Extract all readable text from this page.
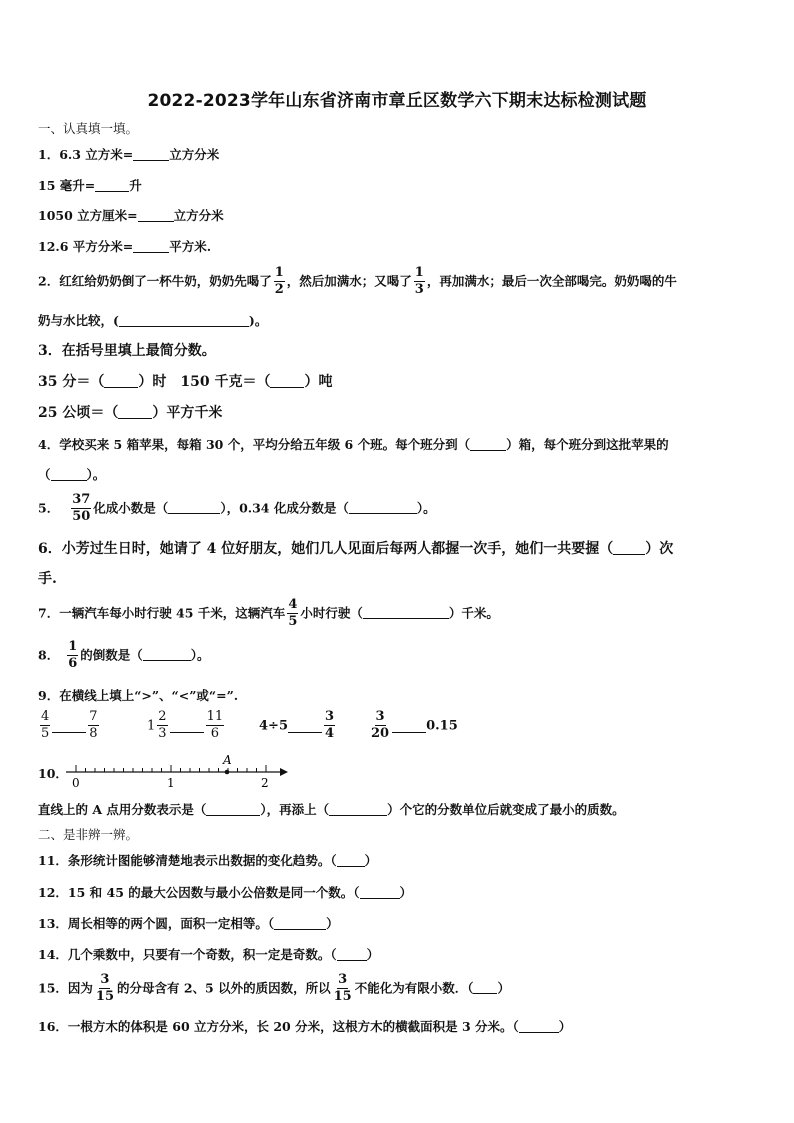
2022-2023学年山东省济南市章丘区数学六下期末达标检测试题
一、认真填一填。
1．6.3 立方米=	立方分米
15 毫升=	升
1050 立方厘米=	立方分米
12.6 平方分米=	平方米.
2．红红给奶奶倒了一杯牛奶，奶奶先喝了 $\frac{1}{2}$ ，然后加满水；又喝了 $\frac{1}{3}$ ，再加满水；最后一次全部喝完。奶奶喝的牛
奶与水比较，(	)。
3．在括号里填上最简分数。
35 分＝（ ）时 150 千克＝（ ）吨
25 公顷＝（ ）平方千米
4．学校买来 5 箱苹果，每箱 30 个，平均分给五年级 6 个班。每个班分到（	）箱，每个班分到这批苹果的
（	）。
5． $\frac{37}{50}$ 化成小数是（	），0.34 化成分数是（	）。
6．小芳过生日时，她请了 4 位好朋友，她们几人见面后每两人都握一次手，她们一共要握（ ）次
手.
7．一辆汽车每小时行驶 45 千米，这辆汽车 $\frac{4}{5}$ 小时行驶（	）千米。
8． $\frac{1}{6}$ 的倒数是（	）。
9．在横线上填上“>”、“<”或“=”.
$\frac{4}{5}$	$\frac{7}{8}$	$1 \frac{2}{3}$	$\frac{11}{6}$	4÷5	$\frac{3}{4}$	$\frac{3}{20}$	0.15
10．
A
0	1	2
直线上的 A 点用分数表示是（	），再添上（	）个它的分数单位后就变成了最小的质数。
二、是非辨一辨。
11．条形统计图能够清楚地表示出数据的变化趋势。（ ）
12．15 和 45 的最大公因数与最小公倍数是同一个数。（	）
13．周长相等的两个圆，面积一定相等。（	）
14．几个乘数中，只要有一个奇数，积一定是奇数。（ ）
15．因为 $\frac{3}{15}$ 的分母含有 2、5 以外的质因数，所以 $\frac{3}{15}$ 不能化为有限小数．（ ）
16．一根方木的体积是 60 立方分米，长 20 分米，这根方木的横截面积是 3 分米。（	）
